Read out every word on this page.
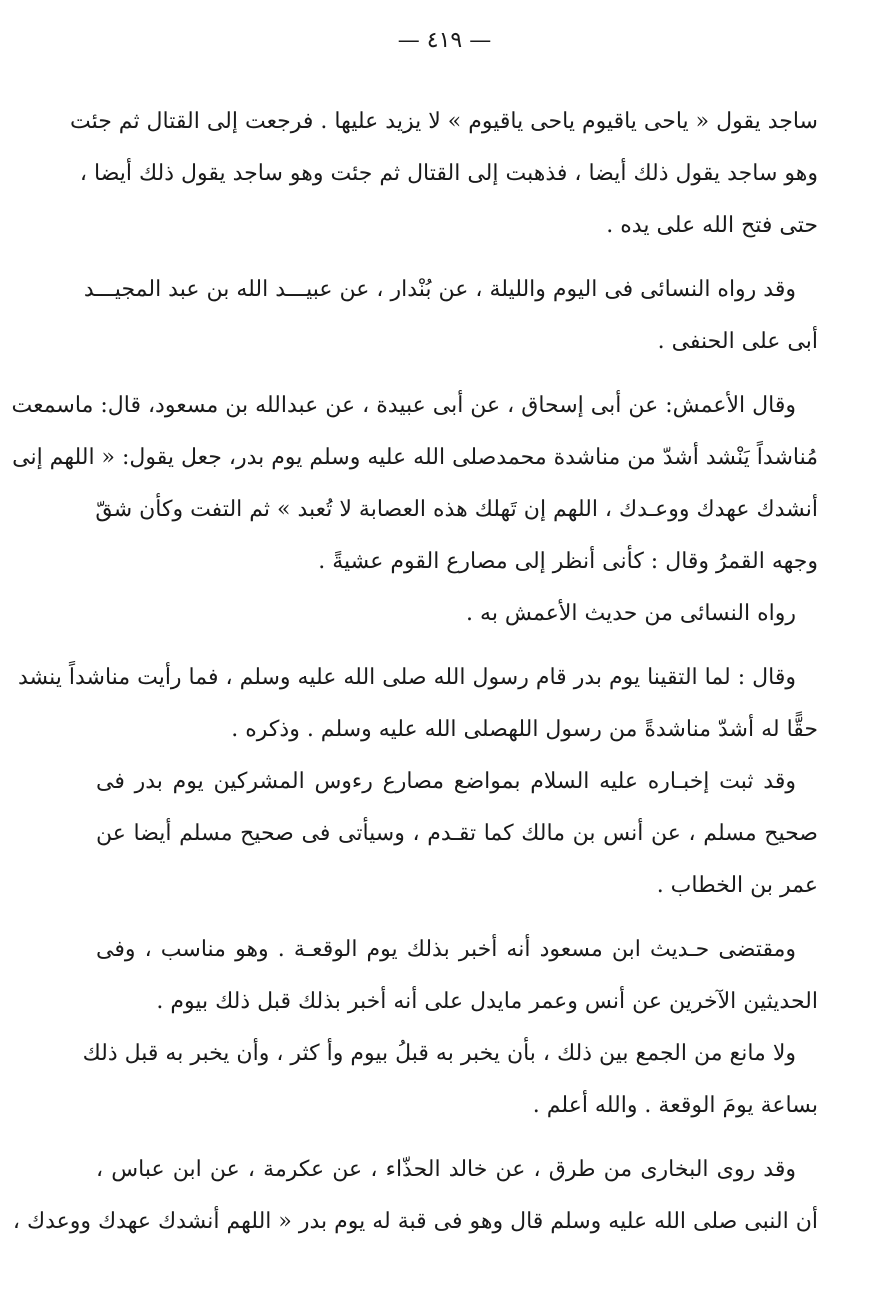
— ٤١٩ —
ساجد يقول « ياحى ياقيوم ياحى ياقيوم » لا يزيد عليها . فرجعت إلى القتال ثم جئت
وهو ساجد يقول ذلك أيضا ، فذهبت إلى القتال ثم جئت وهو ساجد يقول ذلك أيضا ،
حتى فتح الله على يده .
وقد رواه النسائى فى اليوم والليلة ، عن بُنْدار ، عن عبيـــد الله بن عبد المجيـــد
أبى على الحنفى .
وقال الأعمش: عن أبى إسحاق ، عن أبى عبيدة ، عن عبدالله بن مسعود، قال: ماسمعت
مُناشداً يَنْشد أشدّ من مناشدة محمدصلى الله عليه وسلم يوم بدر، جعل يقول: « اللهم إنى
أنشدك عهدك ووعـدك ، اللهم إن تَهلك هذه العصابة لا تُعبد » ثم التفت وكأن شقّ
وجهه القمرُ وقال : كأنى أنظر إلى مصارع القوم عشيةً .
رواه النسائى من حديث الأعمش به .
وقال : لما التقينا يوم بدر قام رسول الله صلى الله عليه وسلم ، فما رأيت مناشداً ينشد
حقًّا له أشدّ مناشدةً من رسول اللهصلى الله عليه وسلم . وذكره .
وقد ثبت إخبـاره عليه السلام بمواضع مصارع رءوس المشركين يوم بدر فى
صحيح مسلم ، عن أنس بن مالك كما تقـدم ، وسيأتى فى صحيح مسلم أيضا عن
عمر بن الخطاب .
ومقتضى حـديث ابن مسعود أنه أخبر بذلك يوم الوقعـة . وهو مناسب ، وفى
الحديثين الآخرين عن أنس وعمر مايدل على أنه أخبر بذلك قبل ذلك بيوم .
ولا مانع من الجمع بين ذلك ، بأن يخبر به قبلُ بيوم وأ كثر ، وأن يخبر به قبل ذلك
بساعة يومَ الوقعة . والله أعلم .
وقد روى البخارى من طرق ، عن خالد الحذّاء ، عن عكرمة ، عن ابن عباس ،
أن النبى صلى الله عليه وسلم قال وهو فى قبة له يوم بدر « اللهم أنشدك عهدك ووعدك ،
